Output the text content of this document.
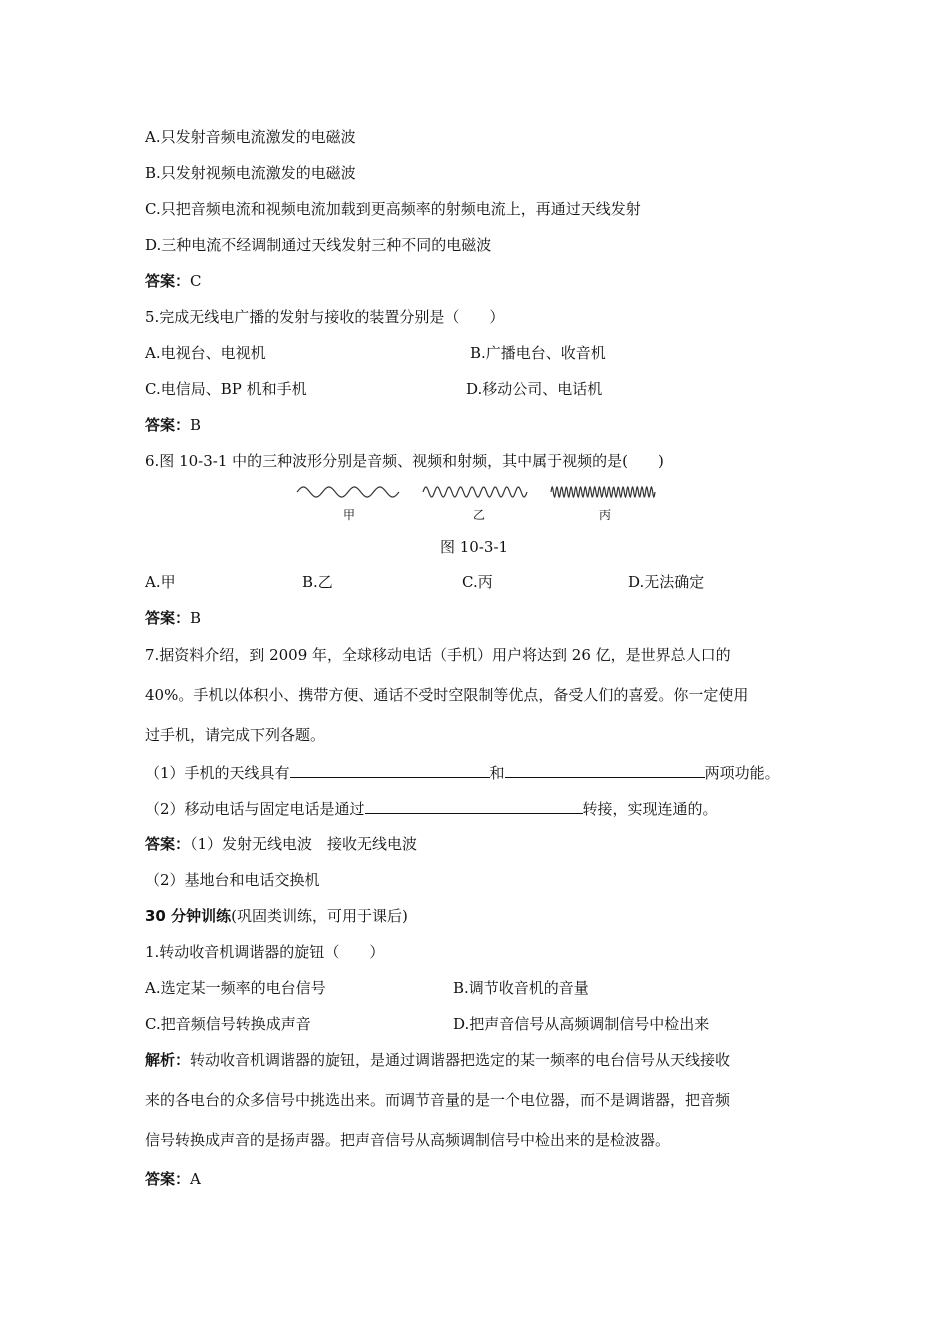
A.只发射音频电流激发的电磁波
B.只发射视频电流激发的电磁波
C.只把音频电流和视频电流加载到更高频率的射频电流上，再通过天线发射
D.三种电流不经调制通过天线发射三种不同的电磁波
答案：C
5.完成无线电广播的发射与接收的装置分别是（　　）
A.电视台、电视机	B.广播电台、收音机
C.电信局、BP 机和手机	D.移动公司、电话机
答案：B
6.图 10-3-1 中的三种波形分别是音频、视频和射频，其中属于视频的是(　　)
甲	乙	丙
图 10-3-1
A.甲	B.乙	C.丙	D.无法确定
答案：B
7.据资料介绍，到 2009 年，全球移动电话（手机）用户将达到 26 亿，是世界总人口的
40%。手机以体积小、携带方便、通话不受时空限制等优点，备受人们的喜爱。你一定使用
过手机，请完成下列各题。
（1）手机的天线具有	和	两项功能。
（2）移动电话与固定电话是通过	转接，实现连通的。
答案：（1）发射无线电波　接收无线电波
（2）基地台和电话交换机
30 分钟训练(巩固类训练，可用于课后)
1.转动收音机调谐器的旋钮（　　）
A.选定某一频率的电台信号	B.调节收音机的音量
C.把音频信号转换成声音	D.把声音信号从高频调制信号中检出来
解析：转动收音机调谐器的旋钮，是通过调谐器把选定的某一频率的电台信号从天线接收
来的各电台的众多信号中挑选出来。而调节音量的是一个电位器，而不是调谐器，把音频
信号转换成声音的是扬声器。把声音信号从高频调制信号中检出来的是检波器。
答案：A
